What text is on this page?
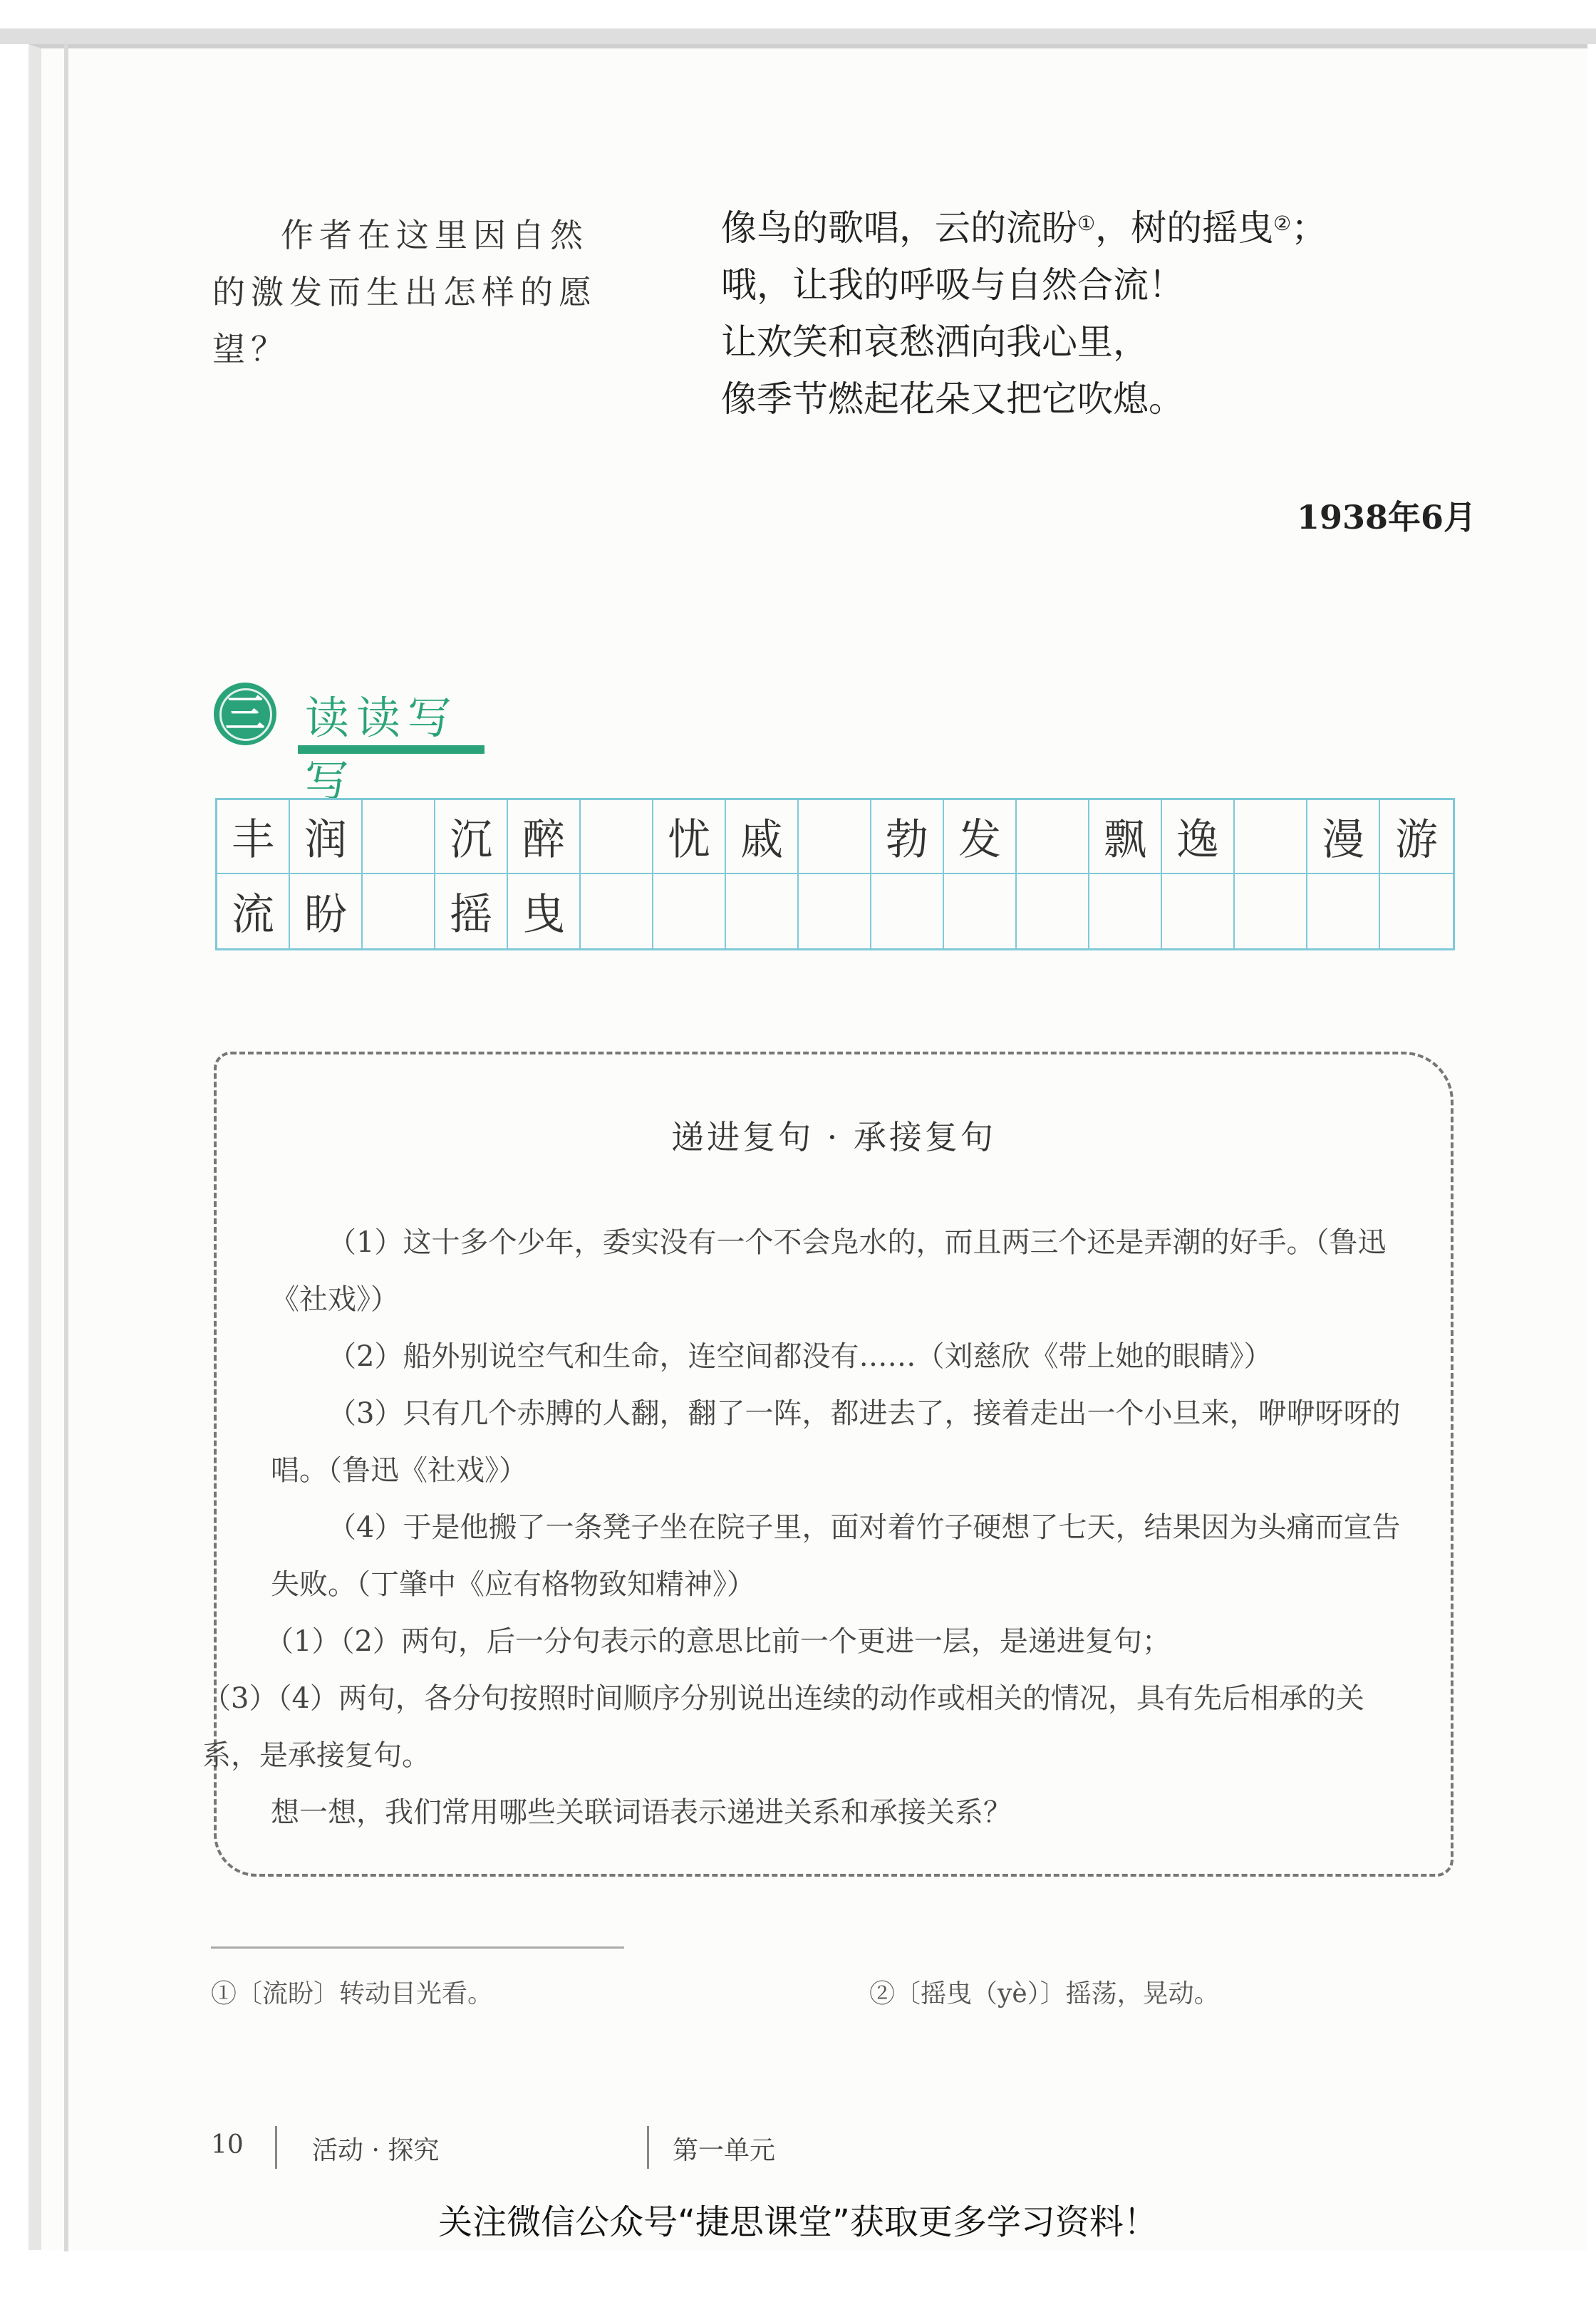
作者在这里因自然
的激发而生出怎样的愿
望？
像鸟的歌唱，云的流盼①，树的摇曳②；
哦，让我的呼吸与自然合流！
让欢笑和哀愁洒向我心里，
像季节燃起花朵又把它吹熄。
1938年6月
三 读读写写
丰 润	沉 醉	忧 戚	勃 发	飘 逸	漫 游
流 盼	摇 曳
递进复句 · 承接复句

（1）这十多个少年，委实没有一个不会凫水的，而且两三个还是弄潮的好手。（鲁迅《社戏》）

（2）船外别说空气和生命，连空间都没有……（刘慈欣《带上她的眼睛》）

（3）只有几个赤膊的人翻，翻了一阵，都进去了，接着走出一个小旦来，咿咿呀呀的唱。（鲁迅《社戏》）

（4）于是他搬了一条凳子坐在院子里，面对着竹子硬想了七天，结果因为头痛而宣告失败。（丁肇中《应有格物致知精神》）

（1）（2）两句，后一分句表示的意思比前一个更进一层，是递进复句；

（3）（4）两句，各分句按照时间顺序分别说出连续的动作或相关的情况，具有先后相承的关系，是承接复句。

想一想，我们常用哪些关联词语表示递进关系和承接关系？

①〔流盼〕转动目光看。	②〔摇曳（yè）〕摇荡，晃动。
10	活动 · 探究	第一单元
关注微信公众号“捷思课堂”获取更多学习资料！
